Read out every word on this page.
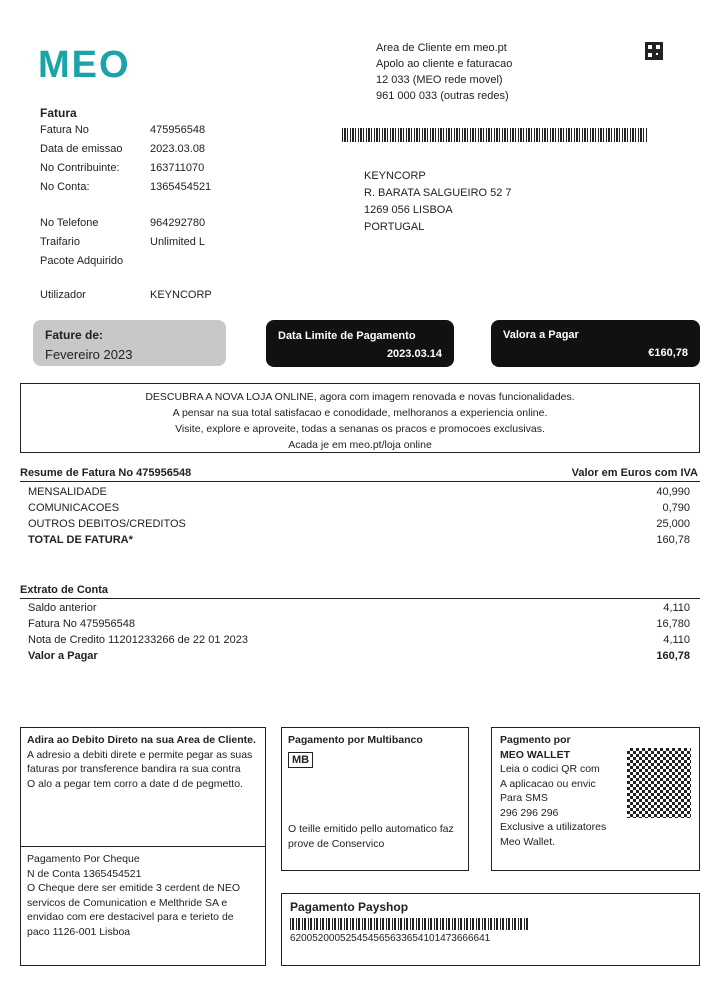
MEO	Area de Cliente em meo.pt
Apolo ao cliente e faturacao
12 033 (MEO rede movel)
961 000 033 (outras redes)
KEYNCORP
R. BARATA SALGUEIRO 52 7
1269 056 LISBOA
PORTUGAL
Fatura
Fatura No	475956548
Data de emissao	2023.03.08
No Contribuinte:	163711070
No Conta:	1365454521
No Telefone	964292780
Traifario	Unlimited L
Pacote Adquirido
Utilizador	KEYNCORP
Fature de:
Fevereiro 2023
Data Limite de Pagamento
2023.03.14
Valora a Pagar
€160,78
DESCUBRA A NOVA LOJA ONLINE, agora com imagem renovada e novas funcionalidades.
A pensar na sua total satisfacao e conodidade, melhoranos a experiencia online.
Visite, explore e aproveite, todas a senanas os pracos e promocoes exclusivas.
Acada je em meo.pt/loja online
Resume de Fatura No 475956548	Valor em Euros com IVA
MENSALIDADE	40,990
COMUNICACOES	0,790
OUTROS DEBITOS/CREDITOS	25,000
TOTAL DE FATURA*	160,78
Extrato de Conta
Saldo anterior	4,110
Fatura No 475956548	16,780
Nota de Credito 11201233266 de 22 01 2023	4,110
Valor a Pagar	160,78
Adira ao Debito Direto na sua Area de Cliente.
A adresio a debiti direte e permite pegar as suas faturas por transference bandira ra sua contra
O alo a pegar tem corro a date d de pegmetto.
Pagamento Por Cheque
N de Conta 1365454521
O Cheque dere ser emitide 3 cerdent de NEO servicos de Comunication e Melthride SA e envidao com ere destacivel para e terieto de paco 1126-001 Lisboa
Pagamento por Multibanco
MB
O teille emitido pello automatico faz prove de Conservico
Pagmento por
MEO WALLET
Leia o codici QR com
A aplicacao ou envic
Para SMS
296 296 296
Exclusive a utilizatores
Meo Wallet.
Pagamento Payshop
620052000525454565633654101473666641
